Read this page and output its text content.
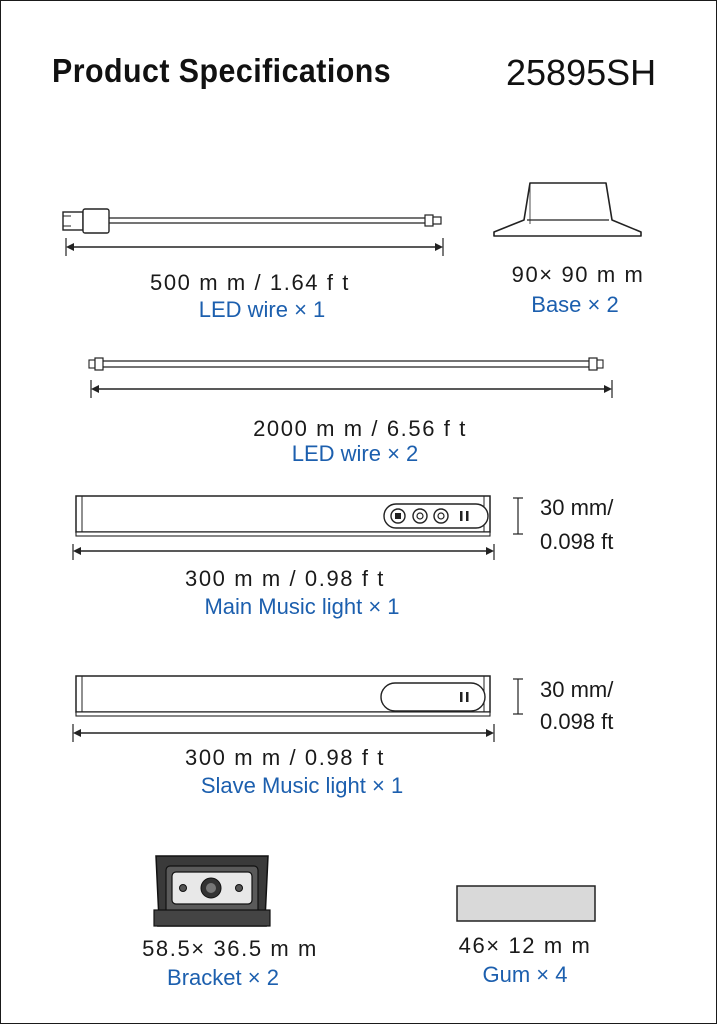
Product Specifications	25895SH
500 m m / 1.64 f t
LED wire × 1
90× 90 m m
Base × 2
2000 m m / 6.56 f t
LED wire × 2
30 mm/
0.098 ft
300 m m / 0.98 f t
Main Music light × 1
30 mm/
0.098 ft
300 m m / 0.98 f t
Slave Music light × 1
58.5× 36.5 m m
Bracket × 2
46× 12 m m
Gum × 4
